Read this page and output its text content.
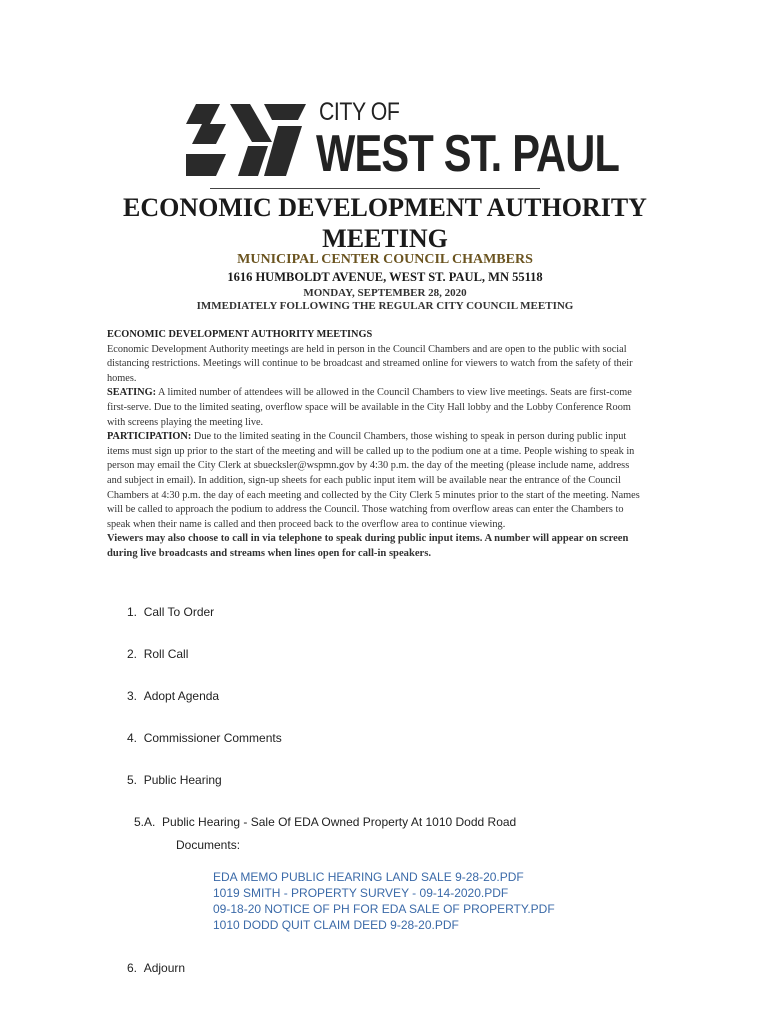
CITY OF
WEST ST. PAUL
ECONOMIC DEVELOPMENT AUTHORITY
MEETING
MUNICIPAL CENTER COUNCIL CHAMBERS
1616 HUMBOLDT AVENUE, WEST ST. PAUL, MN 55118
MONDAY, SEPTEMBER 28, 2020
IMMEDIATELY FOLLOWING THE REGULAR CITY COUNCIL MEETING

ECONOMIC DEVELOPMENT AUTHORITY MEETINGS

Economic Development Authority meetings are held in person in the Council Chambers and are open to the public with social distancing restrictions. Meetings will continue to be broadcast and streamed online for viewers to watch from the safety of their homes.

SEATING: A limited number of attendees will be allowed in the Council Chambers to view live meetings. Seats are first-come first-serve. Due to the limited seating, overflow space will be available in the City Hall lobby and the Lobby Conference Room with screens playing the meeting live.

PARTICIPATION: Due to the limited seating in the Council Chambers, those wishing to speak in person during public input items must sign up prior to the start of the meeting and will be called up to the podium one at a time. People wishing to speak in person may email the City Clerk at sbuecksler@wspmn.gov by 4:30 p.m. the day of the meeting (please include name, address and subject in email). In addition, sign-up sheets for each public input item will be available near the entrance of the Council Chambers at 4:30 p.m. the day of each meeting and collected by the City Clerk 5 minutes prior to the start of the meeting. Names will be called to approach the podium to address the Council. Those watching from overflow areas can enter the Chambers to speak when their name is called and then proceed back to the overflow area to continue viewing.

Viewers may also choose to call in via telephone to speak during public input items. A number will appear on screen during live broadcasts and streams when lines open for call-in speakers.

1. Call To Order
2. Roll Call
3. Adopt Agenda
4. Commissioner Comments
5. Public Hearing
5.A. Public Hearing - Sale Of EDA Owned Property At 1010 Dodd Road
Documents:
6. Adjourn
EDA MEMO PUBLIC HEARING LAND SALE 9-28-20.PDF
1019 SMITH - PROPERTY SURVEY - 09-14-2020.PDF
09-18-20 NOTICE OF PH FOR EDA SALE OF PROPERTY.PDF
1010 DODD QUIT CLAIM DEED 9-28-20.PDF
